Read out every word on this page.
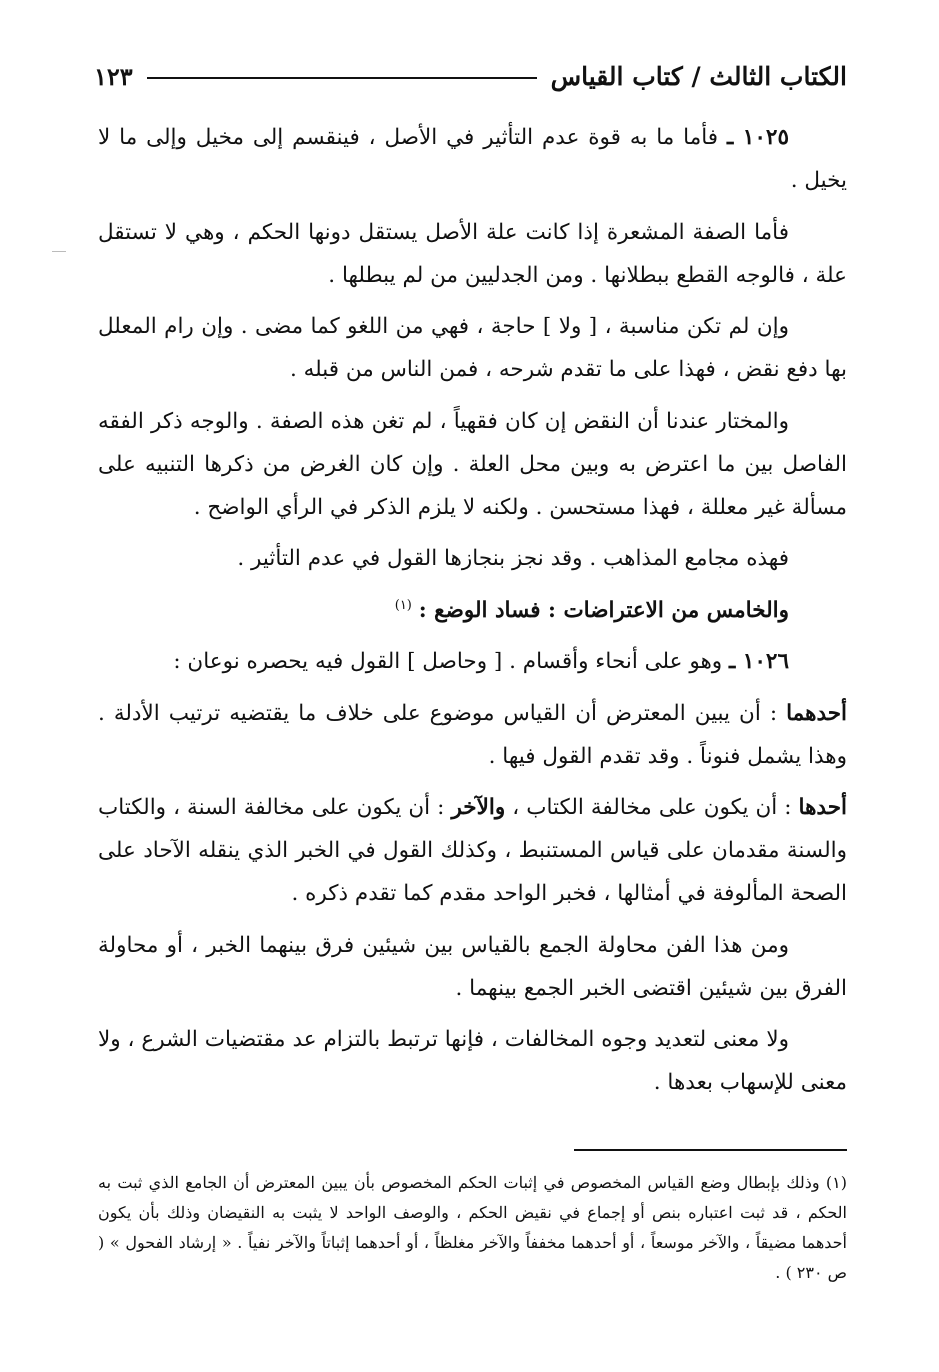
الكتاب الثالث / كتاب القياس
١٢٣

١٠٢٥ ـ فأما ما به قوة عدم التأثير في الأصل ، فينقسم إلى مخيل وإلى ما لا يخيل .

فأما الصفة المشعرة إذا كانت علة الأصل يستقل دونها الحكم ، وهي لا تستقل علة ، فالوجه القطع ببطلانها . ومن الجدليين من لم يبطلها .

وإن لم تكن مناسبة ، [ ولا ] حاجة ، فهي من اللغو كما مضى . وإن رام المعلل بها دفع نقض ، فهذا على ما تقدم شرحه ، فمن الناس من قبله .

والمختار عندنا أن النقض إن كان فقهياً ، لم تغن هذه الصفة . والوجه ذكر الفقه الفاصل بين ما اعترض به وبين محل العلة . وإن كان الغرض من ذكرها التنبيه على مسألة غير معللة ، فهذا مستحسن . ولكنه لا يلزم الذكر في الرأي الواضح .

فهذه مجامع المذاهب . وقد نجز بنجازها القول في عدم التأثير .

والخامس من الاعتراضات : فساد الوضع : $^{(١)}$

١٠٢٦ ـ وهو على أنحاء وأقسام . [ وحاصل ] القول فيه يحصره نوعان :

أحدهما : أن يبين المعترض أن القياس موضوع على خلاف ما يقتضيه ترتيب الأدلة . وهذا يشمل فنوناً . وقد تقدم القول فيها .

أحدها : أن يكون على مخالفة الكتاب ، والآخر : أن يكون على مخالفة السنة ، والكتاب والسنة مقدمان على قياس المستنبط ، وكذلك القول في الخبر الذي ينقله الآحاد على الصحة المألوفة في أمثالها ، فخبر الواحد مقدم كما تقدم ذكره .

ومن هذا الفن محاولة الجمع بالقياس بين شيئين فرق بينهما الخبر ، أو محاولة الفرق بين شيئين اقتضى الخبر الجمع بينهما .

ولا معنى لتعديد وجوه المخالفات ، فإنها ترتبط بالتزام عد مقتضيات الشرع ، ولا معنى للإسهاب بعدها .

(١) وذلك بإبطال وضع القياس المخصوص في إثبات الحكم المخصوص بأن يبين المعترض أن الجامع الذي ثبت به الحكم ، قد ثبت اعتباره بنص أو إجماع في نقيض الحكم ، والوصف الواحد لا يثبت به النقيضان وذلك بأن يكون أحدهما مضيقاً ، والآخر موسعاً ، أو أحدهما مخففاً والآخر مغلظاً ، أو أحدهما إثباتاً والآخر نفياً . « إرشاد الفحول » ( ص ٢٣٠ ) .
